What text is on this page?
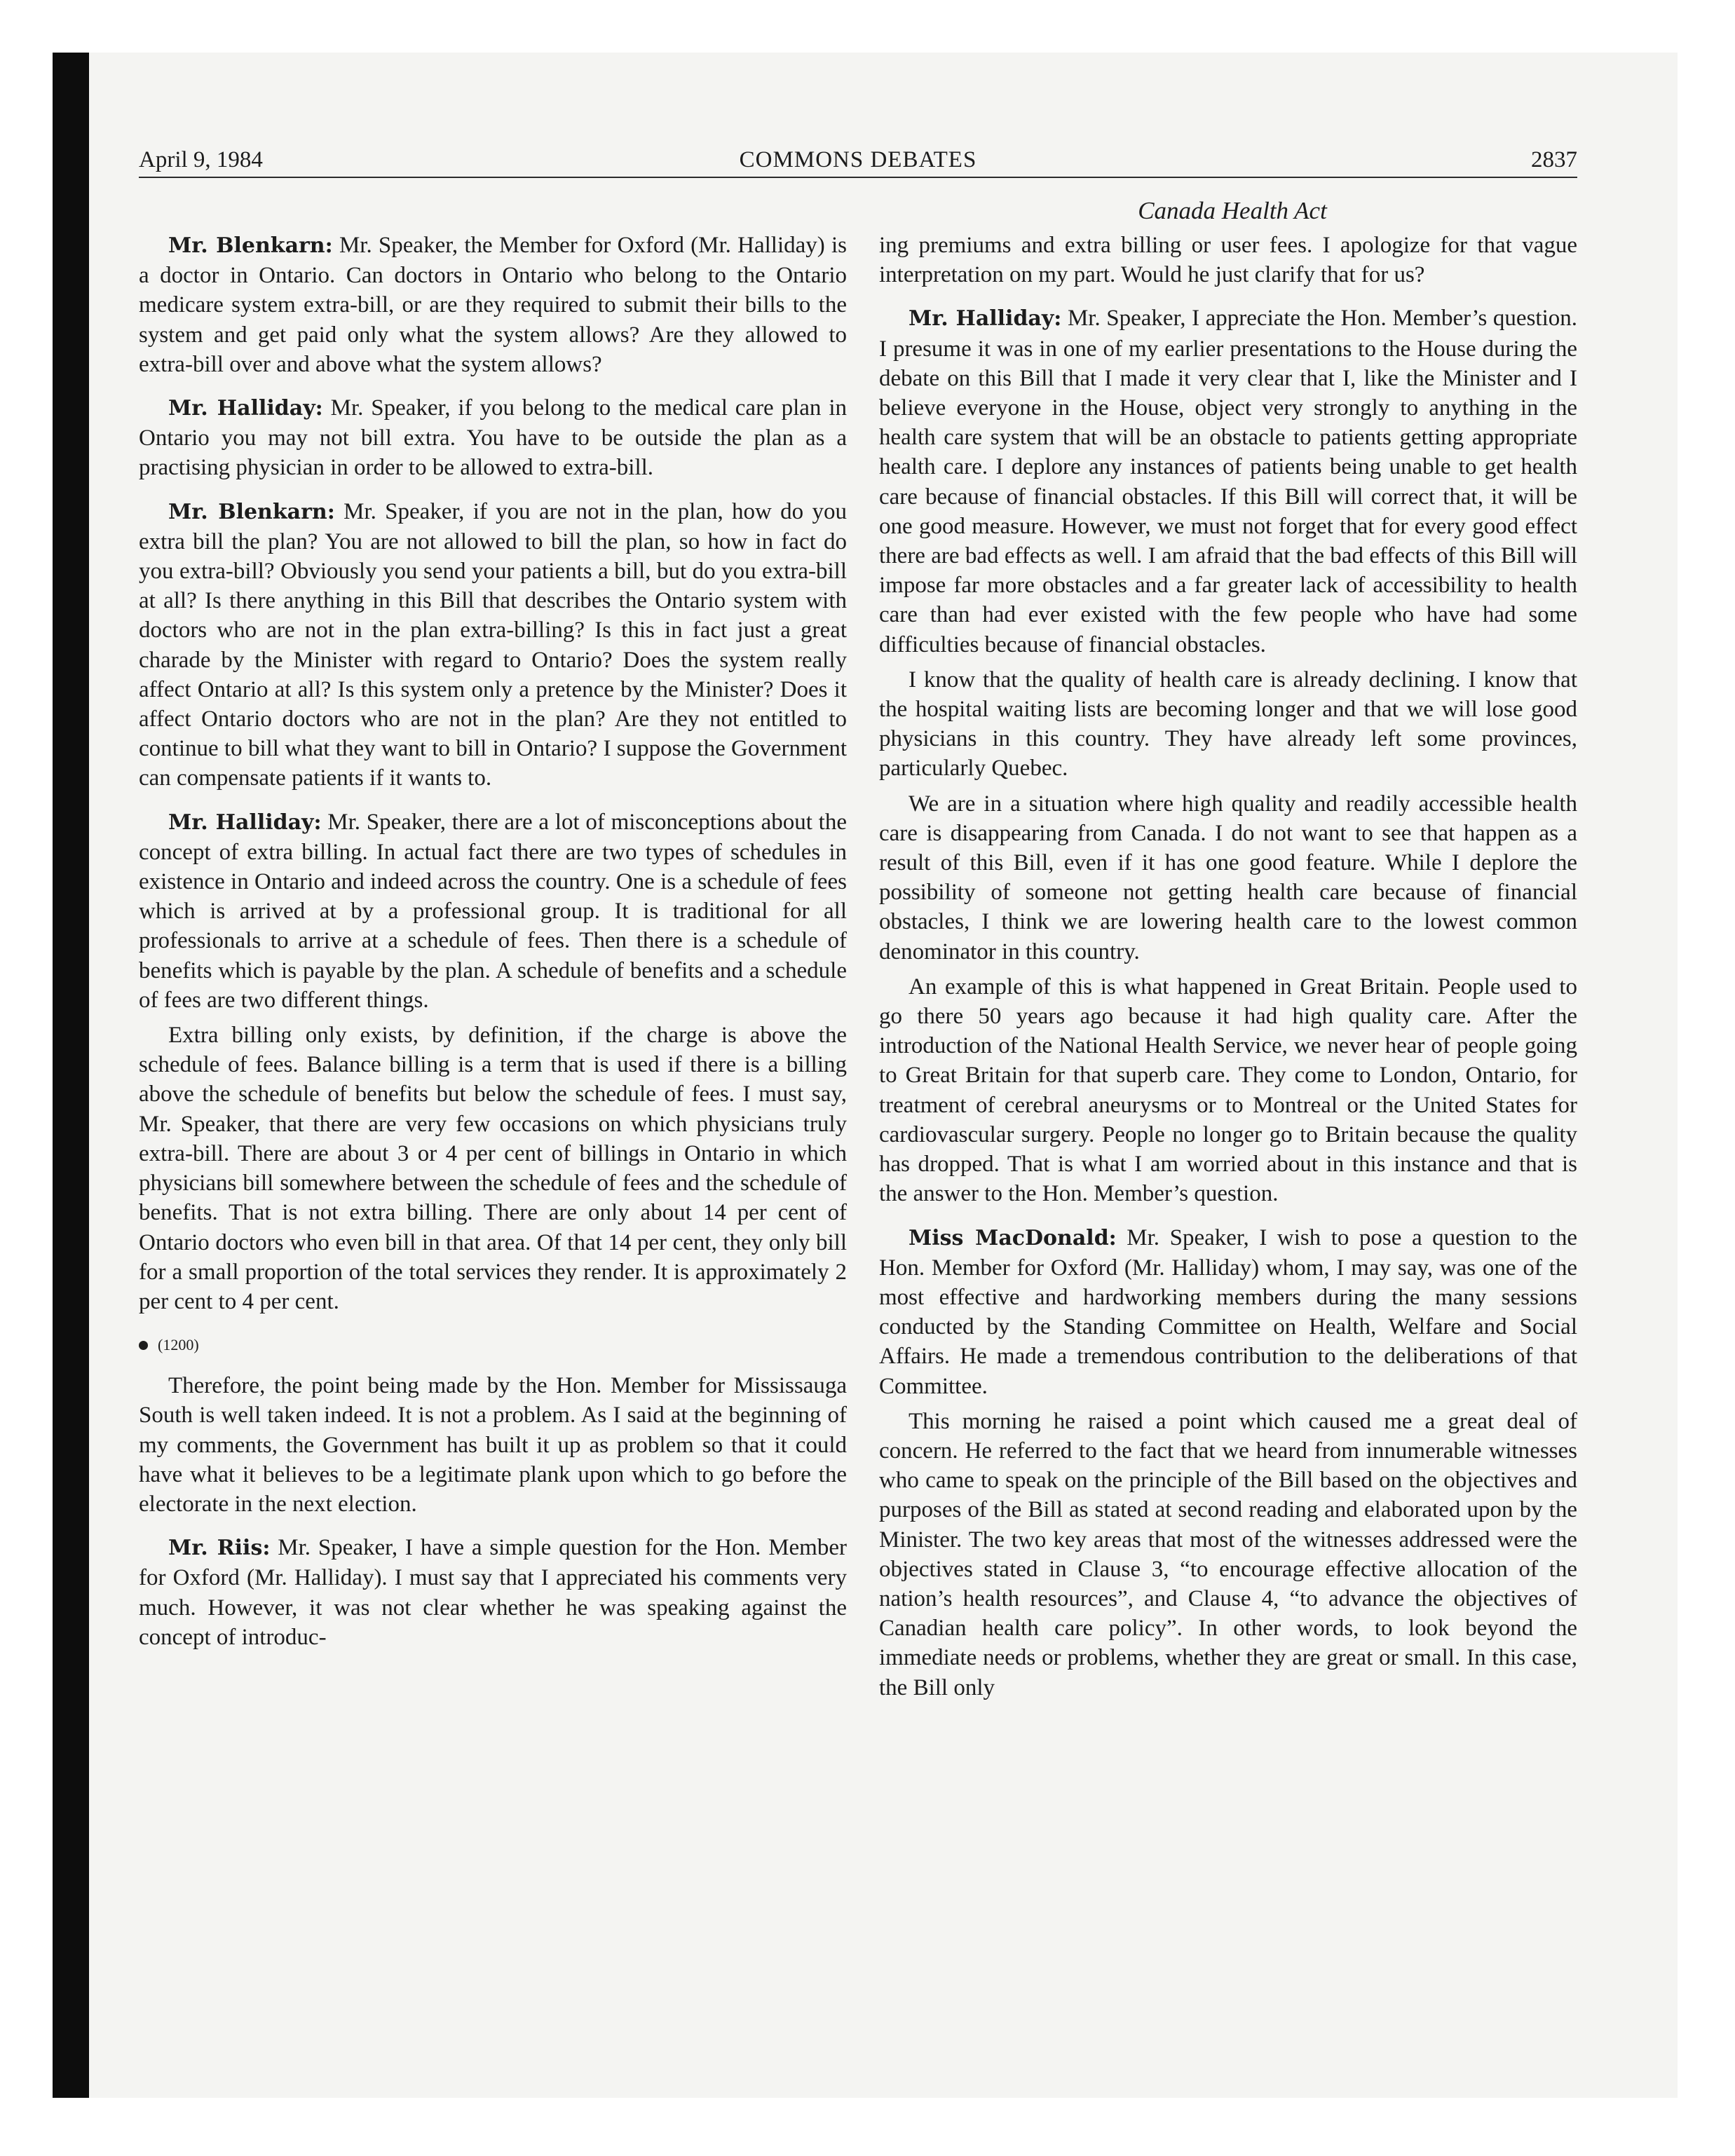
April 9, 1984	COMMONS DEBATES	2837
Canada Health Act

Mr. Blenkarn: Mr. Speaker, the Member for Oxford (Mr. Halliday) is a doctor in Ontario. Can doctors in Ontario who belong to the Ontario medicare system extra-bill, or are they required to submit their bills to the system and get paid only what the system allows? Are they allowed to extra-bill over and above what the system allows?

Mr. Halliday: Mr. Speaker, if you belong to the medical care plan in Ontario you may not bill extra. You have to be outside the plan as a practising physician in order to be allowed to extra-bill.

Mr. Blenkarn: Mr. Speaker, if you are not in the plan, how do you extra bill the plan? You are not allowed to bill the plan, so how in fact do you extra-bill? Obviously you send your patients a bill, but do you extra-bill at all? Is there anything in this Bill that describes the Ontario system with doctors who are not in the plan extra-billing? Is this in fact just a great charade by the Minister with regard to Ontario? Does the system really affect Ontario at all? Is this system only a pretence by the Minister? Does it affect Ontario doctors who are not in the plan? Are they not entitled to continue to bill what they want to bill in Ontario? I suppose the Government can compensate patients if it wants to.

Mr. Halliday: Mr. Speaker, there are a lot of misconceptions about the concept of extra billing. In actual fact there are two types of schedules in existence in Ontario and indeed across the country. One is a schedule of fees which is arrived at by a professional group. It is traditional for all professionals to arrive at a schedule of fees. Then there is a schedule of benefits which is payable by the plan. A schedule of benefits and a schedule of fees are two different things.

Extra billing only exists, by definition, if the charge is above the schedule of fees. Balance billing is a term that is used if there is a billing above the schedule of benefits but below the schedule of fees. I must say, Mr. Speaker, that there are very few occasions on which physicians truly extra-bill. There are about 3 or 4 per cent of billings in Ontario in which physicians bill somewhere between the schedule of fees and the schedule of benefits. That is not extra billing. There are only about 14 per cent of Ontario doctors who even bill in that area. Of that 14 per cent, they only bill for a small proportion of the total services they render. It is approximately 2 per cent to 4 per cent.

(1200)

Therefore, the point being made by the Hon. Member for Mississauga South is well taken indeed. It is not a problem. As I said at the beginning of my comments, the Government has built it up as problem so that it could have what it believes to be a legitimate plank upon which to go before the electorate in the next election.

Mr. Riis: Mr. Speaker, I have a simple question for the Hon. Member for Oxford (Mr. Halliday). I must say that I appreciated his comments very much. However, it was not clear whether he was speaking against the concept of introduc-

ing premiums and extra billing or user fees. I apologize for that vague interpretation on my part. Would he just clarify that for us?

Mr. Halliday: Mr. Speaker, I appreciate the Hon. Member’s question. I presume it was in one of my earlier presentations to the House during the debate on this Bill that I made it very clear that I, like the Minister and I believe everyone in the House, object very strongly to anything in the health care system that will be an obstacle to patients getting appropriate health care. I deplore any instances of patients being unable to get health care because of financial obstacles. If this Bill will correct that, it will be one good measure. However, we must not forget that for every good effect there are bad effects as well. I am afraid that the bad effects of this Bill will impose far more obstacles and a far greater lack of accessibility to health care than had ever existed with the few people who have had some difficulties because of financial obstacles.

I know that the quality of health care is already declining. I know that the hospital waiting lists are becoming longer and that we will lose good physicians in this country. They have already left some provinces, particularly Quebec.

We are in a situation where high quality and readily accessible health care is disappearing from Canada. I do not want to see that happen as a result of this Bill, even if it has one good feature. While I deplore the possibility of someone not getting health care because of financial obstacles, I think we are lowering health care to the lowest common denominator in this country.

An example of this is what happened in Great Britain. People used to go there 50 years ago because it had high quality care. After the introduction of the National Health Service, we never hear of people going to Great Britain for that superb care. They come to London, Ontario, for treatment of cerebral aneurysms or to Montreal or the United States for cardiovascular surgery. People no longer go to Britain because the quality has dropped. That is what I am worried about in this instance and that is the answer to the Hon. Member’s question.

Miss MacDonald: Mr. Speaker, I wish to pose a question to the Hon. Member for Oxford (Mr. Halliday) whom, I may say, was one of the most effective and hardworking members during the many sessions conducted by the Standing Committee on Health, Welfare and Social Affairs. He made a tremendous contribution to the deliberations of that Committee.

This morning he raised a point which caused me a great deal of concern. He referred to the fact that we heard from innumerable witnesses who came to speak on the principle of the Bill based on the objectives and purposes of the Bill as stated at second reading and elaborated upon by the Minister. The two key areas that most of the witnesses addressed were the objectives stated in Clause 3, “to encourage effective allocation of the nation’s health resources”, and Clause 4, “to advance the objectives of Canadian health care policy”. In other words, to look beyond the immediate needs or problems, whether they are great or small. In this case, the Bill only
